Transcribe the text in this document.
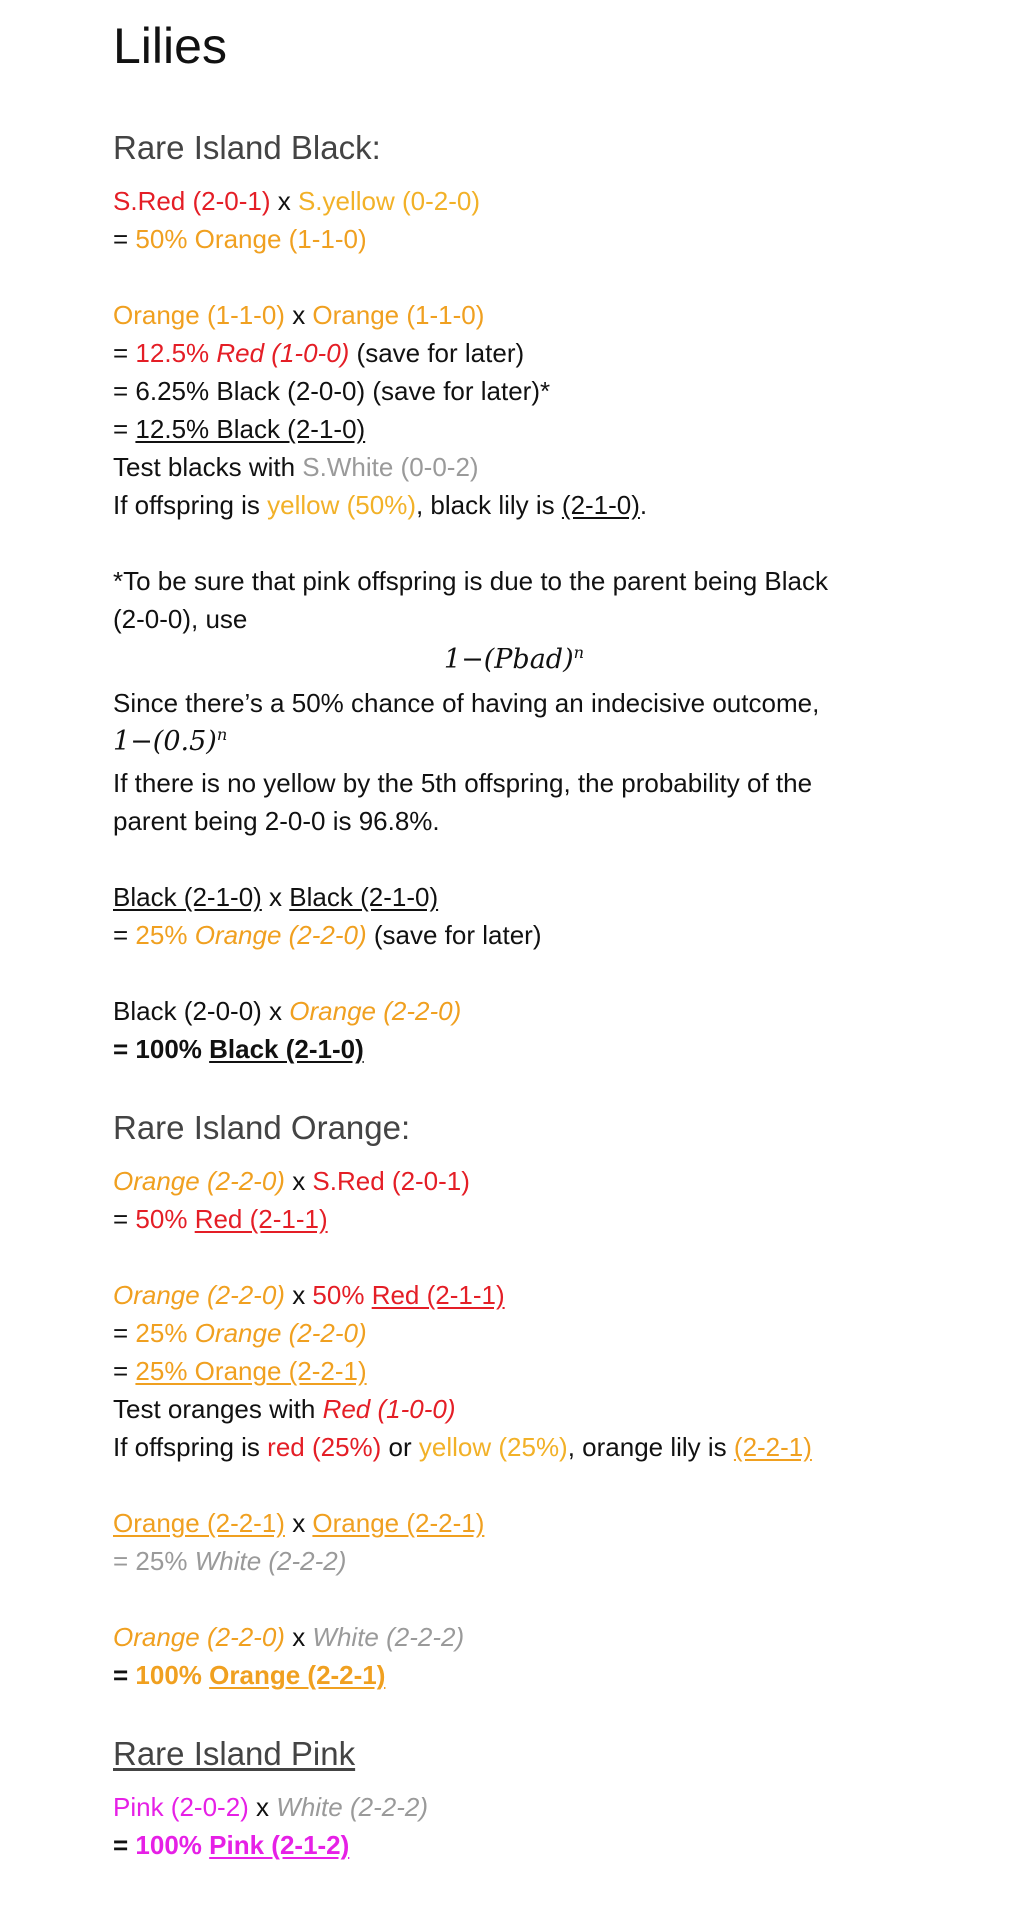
Lilies
Rare Island Black:
S.Red (2-0-1) x S.yellow (0-2-0)
= 50% Orange (1-1-0)
Orange (1-1-0) x Orange (1-1-0)
= 12.5% Red (1-0-0) (save for later)
= 6.25% Black (2-0-0) (save for later)*
= 12.5% Black (2-1-0)
Test blacks with S.White (0-0-2)
If offspring is yellow (50%), black lily is (2-1-0).
*To be sure that pink offspring is due to the parent being Black
(2-0-0), use
1−(Pbad)$^n$
Since there’s a 50% chance of having an indecisive outcome,
$1-(0.5)^n$
If there is no yellow by the 5th offspring, the probability of the
parent being 2-0-0 is 96.8%.
Black (2-1-0) x Black (2-1-0)
= 25% Orange (2-2-0) (save for later)
Black (2-0-0) x Orange (2-2-0)
= 100% Black (2-1-0)
Rare Island Orange:
Orange (2-2-0) x S.Red (2-0-1)
= 50% Red (2-1-1)
Orange (2-2-0) x 50% Red (2-1-1)
= 25% Orange (2-2-0)
= 25% Orange (2-2-1)
Test oranges with Red (1-0-0)
If offspring is red (25%) or yellow (25%), orange lily is (2-2-1)
Orange (2-2-1) x Orange (2-2-1)
= 25% White (2-2-2)
Orange (2-2-0) x White (2-2-2)
= 100% Orange (2-2-1)
Rare Island Pink
Pink (2-0-2) x White (2-2-2)
= 100% Pink (2-1-2)
